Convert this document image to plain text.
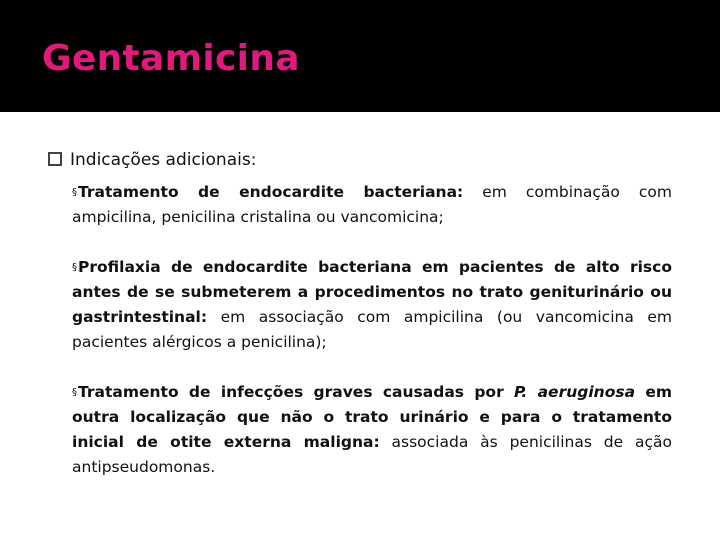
Gentamicina
Indicações adicionais:
§Tratamento de endocardite bacteriana: em combinação com ampicilina, penicilina cristalina ou vancomicina;
§Profilaxia de endocardite bacteriana em pacientes de alto risco antes de se submeterem a procedimentos no trato geniturinário ou gastrintestinal: em associação com ampicilina (ou vancomicina em pacientes alérgicos a penicilina);
§Tratamento de infecções graves causadas por P. aeruginosa em outra localização que não o trato urinário e para o tratamento inicial de otite externa maligna: associada às penicilinas de ação antipseudomonas.
